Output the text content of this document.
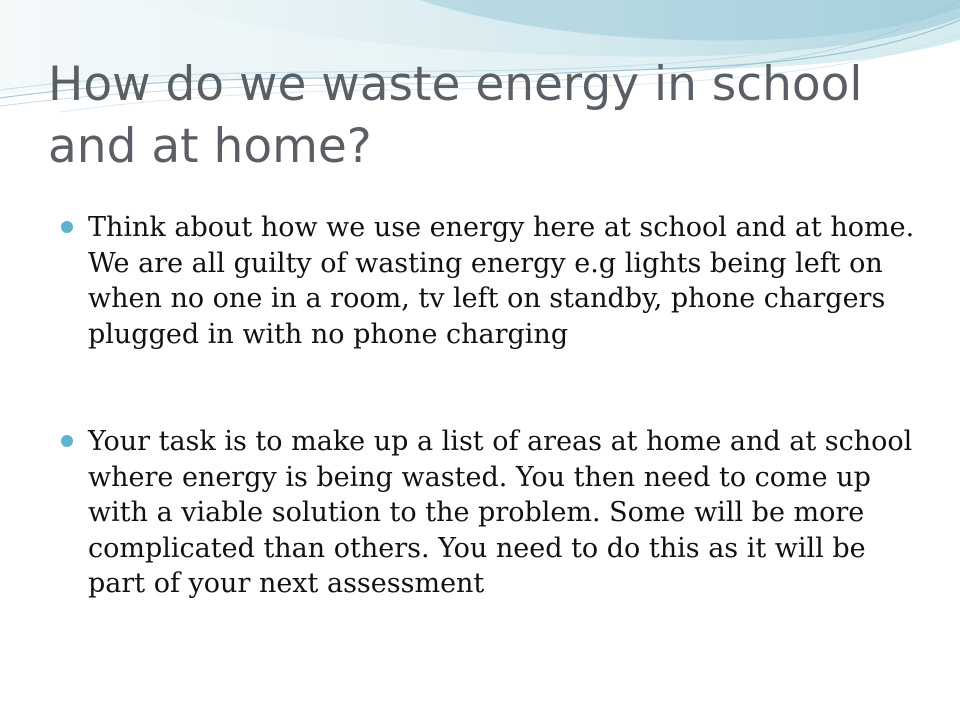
How do we waste energy in school and at home?
Think about how we use energy here at school and at home. We are all guilty of wasting energy e.g lights being left on when no one in a room, tv left on standby, phone chargers plugged in with no phone charging
Your task is to make up a list of areas at home and at school where energy is being wasted. You then need to come up with a viable solution to the problem. Some will be more complicated than others. You need to do this as it will be part of your next assessment
